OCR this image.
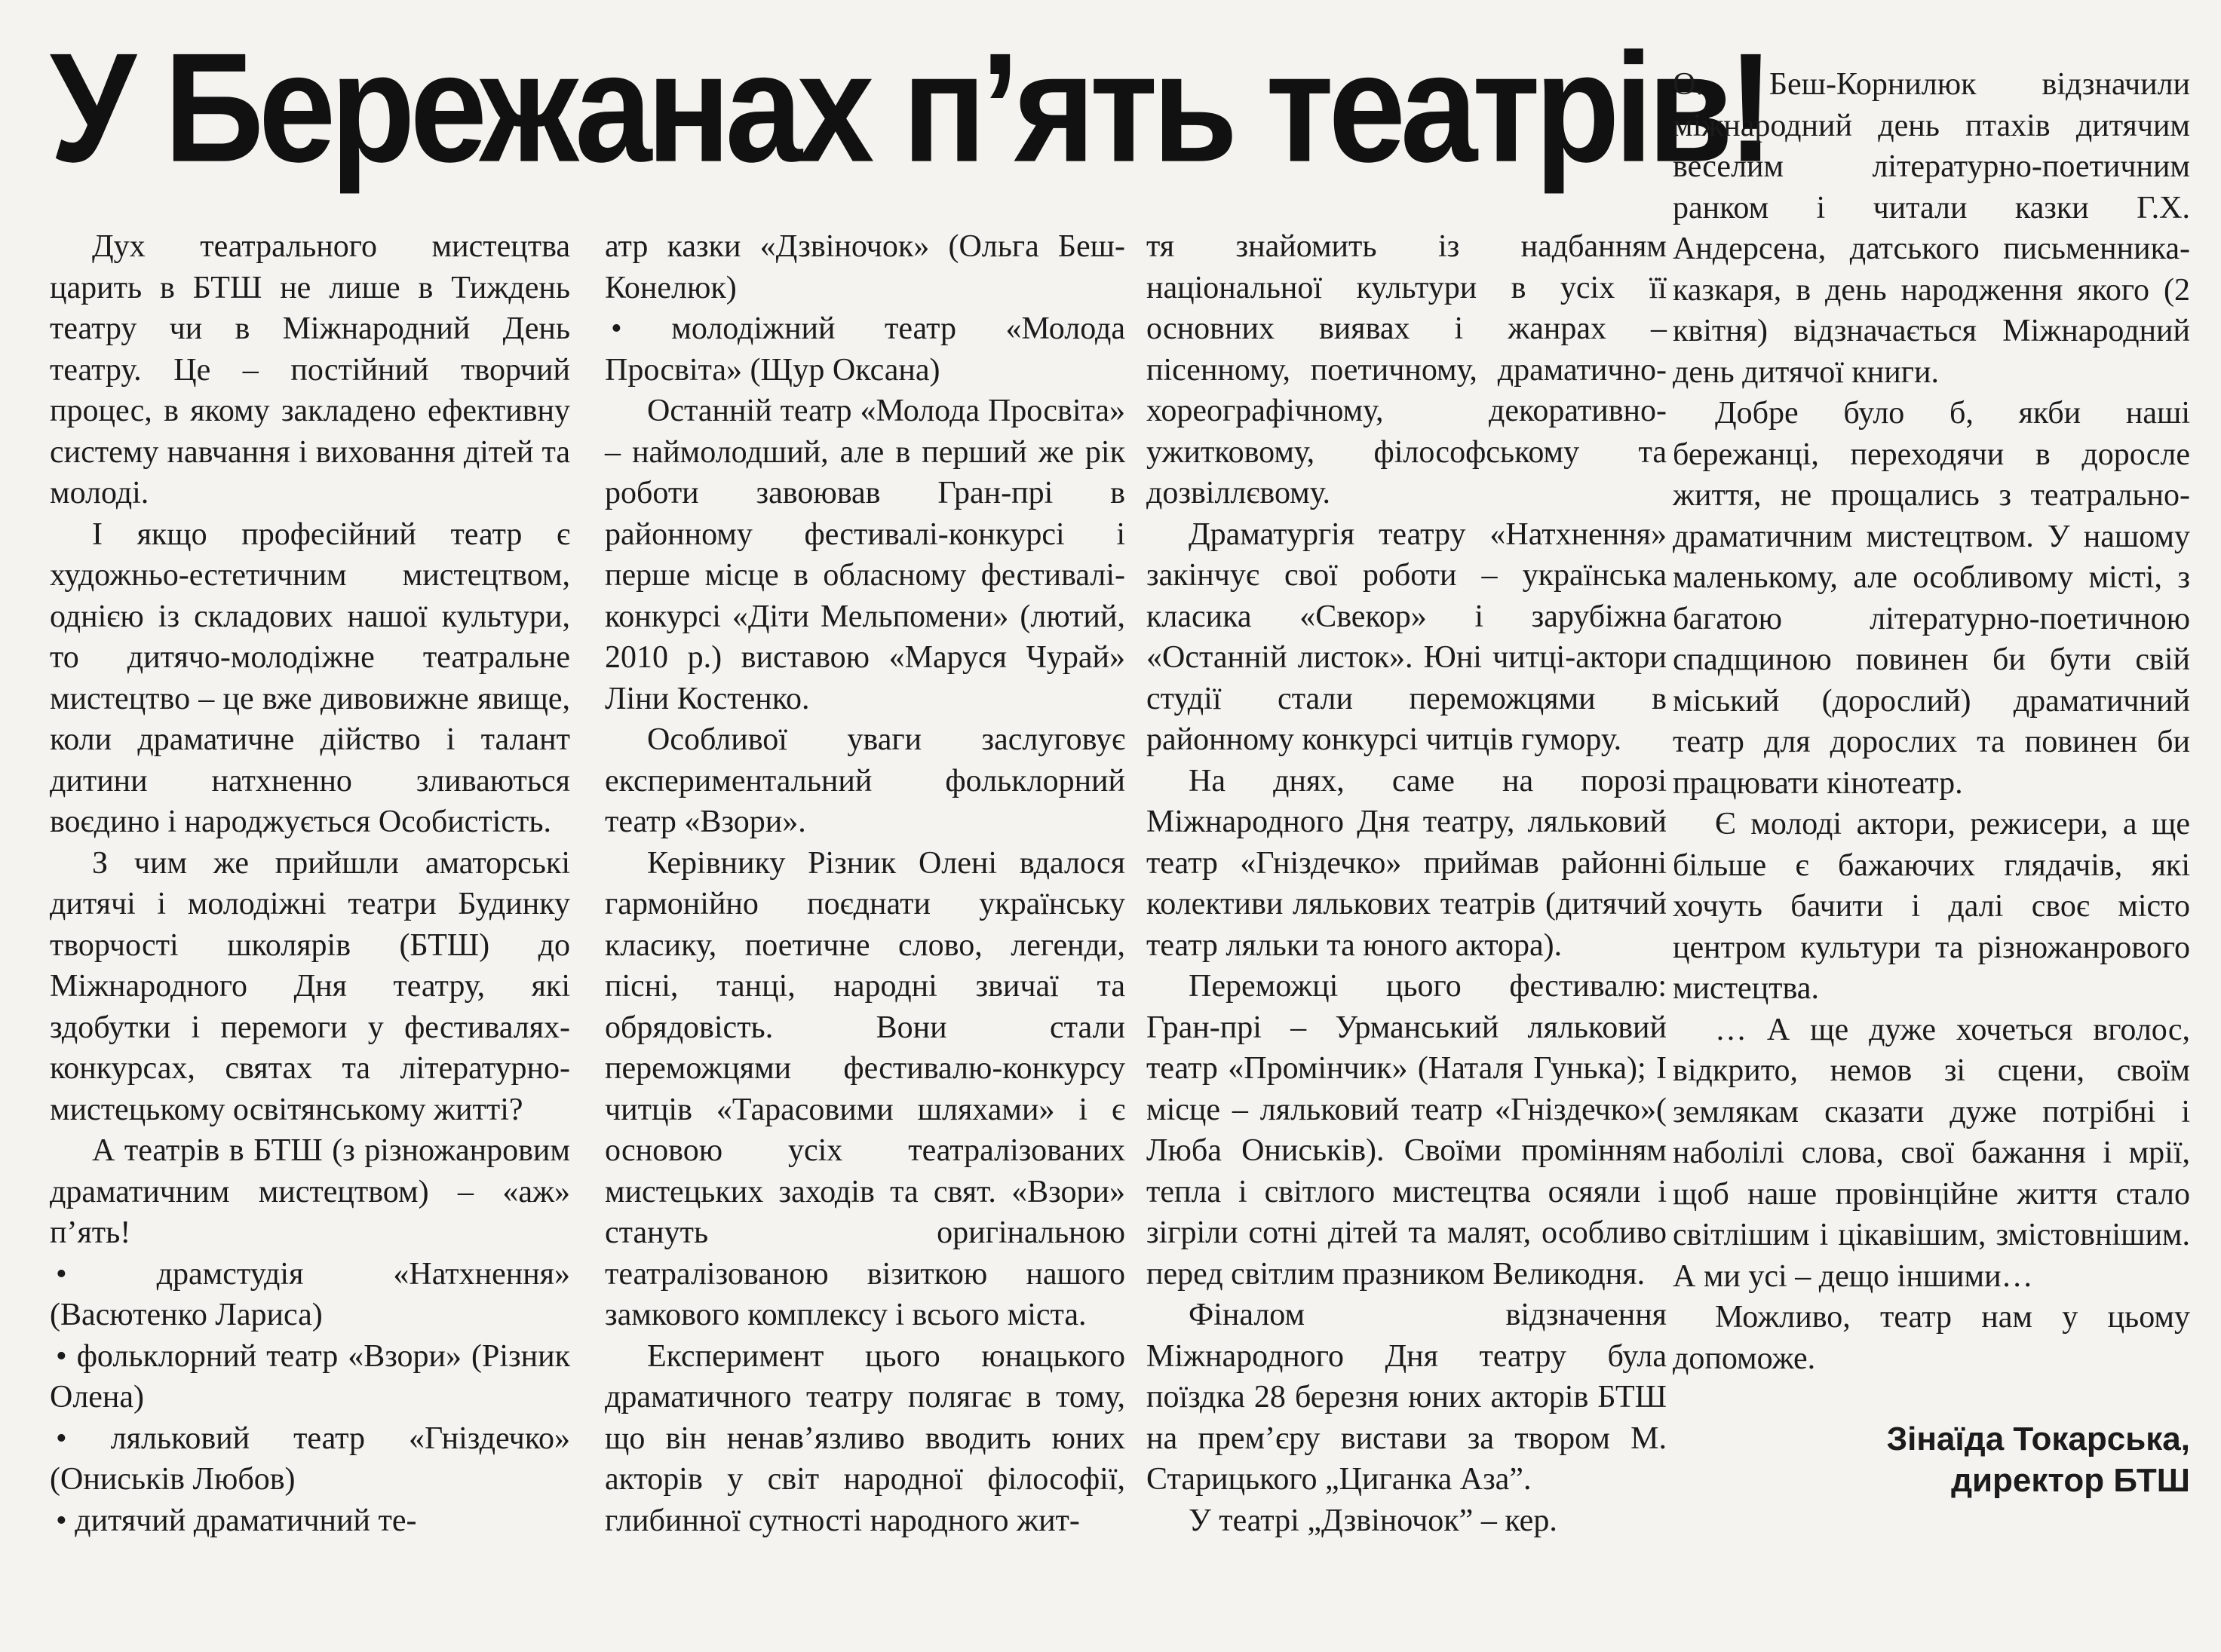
У Бережанах п’ять театрів!

Дух театрального мистецтва царить в БТШ не лише в Тиждень театру чи в Міжнародний День театру. Це – постійний творчий процес, в якому закладено ефективну систему навчання і виховання дітей та молоді.

І якщо професійний театр є художньо-естетичним мистецтвом, однією із складових нашої культури, то дитячо-молодіжне театральне мистецтво – це вже дивовижне явище, коли драматичне дійство і талант дитини натхненно зливаються воєдино і народжується Особистість.

З чим же прийшли аматорські дитячі і молодіжні театри Будинку творчості школярів (БТШ) до Міжнародного Дня театру, які здобутки і перемоги у фестивалях-конкурсах, святах та літературно-мистецькому освітянському житті?

А театрів в БТШ (з різножанровим драматичним мистецтвом) – «аж» п’ять!

• драмстудія «Натхнення» (Васютенко Лариса)

• фольклорний театр «Взори» (Різник Олена)

• ляльковий театр «Гніздечко» (Ониськів Любов)

• дитячий драматичний те-

атр казки «Дзвіночок» (Ольга Беш-Конелюк)

• молодіжний театр «Молода Просвіта» (Щур Оксана)

Останній театр «Молода Просвіта» – наймолодший, але в перший же рік роботи завоював Гран-прі в районному фестивалі-конкурсі і перше місце в обласному фестивалі-конкурсі «Діти Мельпомени» (лютий, 2010 р.) виставою «Маруся Чурай» Ліни Костенко.

Особливої уваги заслуговує експериментальний фольклорний театр «Взори».

Керівнику Різник Олені вдалося гармонійно поєднати українську класику, поетичне слово, легенди, пісні, танці, народні звичаї та обрядовість. Вони стали переможцями фестивалю-конкурсу читців «Тарасовими шляхами» і є основою усіх театралізованих мистецьких заходів та свят. «Взори» стануть оригінальною театралізованою візиткою нашого замкового комплексу і всього міста.

Експеримент цього юнацького драматичного театру полягає в тому, що він ненав’язливо вводить юних акторів у світ народної філософії, глибинної сутності народного жит-

тя знайомить із надбанням національної культури в усіх її основних виявах і жанрах – пісенному, поетичному, драматично-хореографічному, декоративно-ужитковому, філософському та дозвіллєвому.

Драматургія театру «Натхнення» закінчує свої роботи – українська класика «Свекор» і зарубіжна «Останній листок». Юні читці-актори студії стали переможцями в районному конкурсі читців гумору.

На днях, саме на порозі Міжнародного Дня театру, ляльковий театр «Гніздечко» приймав районні колективи лялькових театрів (дитячий театр ляльки та юного актора).

Переможці цього фестивалю: Гран-прі – Урманський ляльковий театр «Промінчик» (Наталя Гунька); І місце – ляльковий театр «Гніздечко»( Люба Ониськів). Своїми промінням тепла і світлого мистецтва осяяли і зігріли сотні дітей та малят, особливо перед світлим празником Великодня.

Фіналом відзначення Міжнародного Дня театру була поїздка 28 березня юних акторів БТШ на прем’єру вистави за твором М. Старицького „Циганка Аза”.

У театрі „Дзвіночок” – кер.

О. Беш-Корнилюк відзначили міжнародний день птахів дитячим веселим літературно-поетичним ранком і читали казки Г.Х. Андерсена, датського письменника-казкаря, в день народження якого (2 квітня) відзначається Міжнародний день дитячої книги.

Добре було б, якби наші бережанці, переходячи в доросле життя, не прощались з театрально-драматичним мистецтвом. У нашому маленькому, але особливому місті, з багатою літературно-поетичною спадщиною повинен би бути свій міський (дорослий) драматичний театр для дорослих та повинен би працювати кінотеатр.

Є молоді актори, режисери, а ще більше є бажаючих глядачів, які хочуть бачити і далі своє місто центром культури та різножанрового мистецтва.

… А ще дуже хочеться вголос, відкрито, немов зі сцени, своїм землякам сказати дуже потрібні і наболілі слова, свої бажання і мрії, щоб наше провінційне життя стало світлішим і цікавішим, змістовнішим. А ми усі – дещо іншими…

Можливо, театр нам у цьому допоможе.

Зінаїда Токарська,
директор БТШ
